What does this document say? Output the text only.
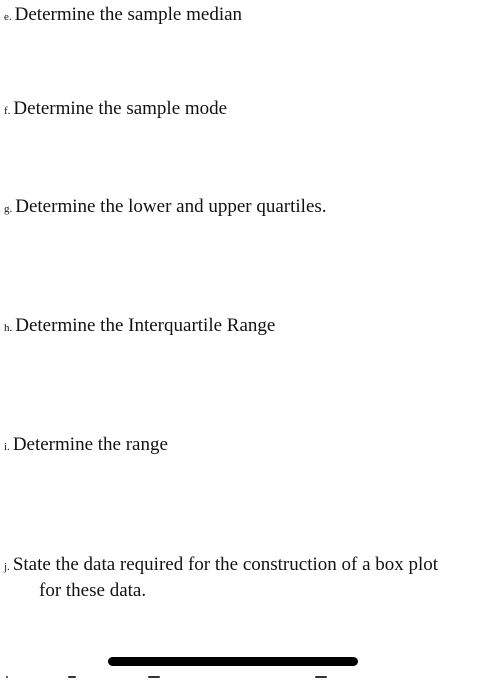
e. Determine the sample median
f. Determine the sample mode
g. Determine the lower and upper quartiles.
h. Determine the Interquartile Range
i. Determine the range
j. State the data required for the construction of a box plot
for these data.
